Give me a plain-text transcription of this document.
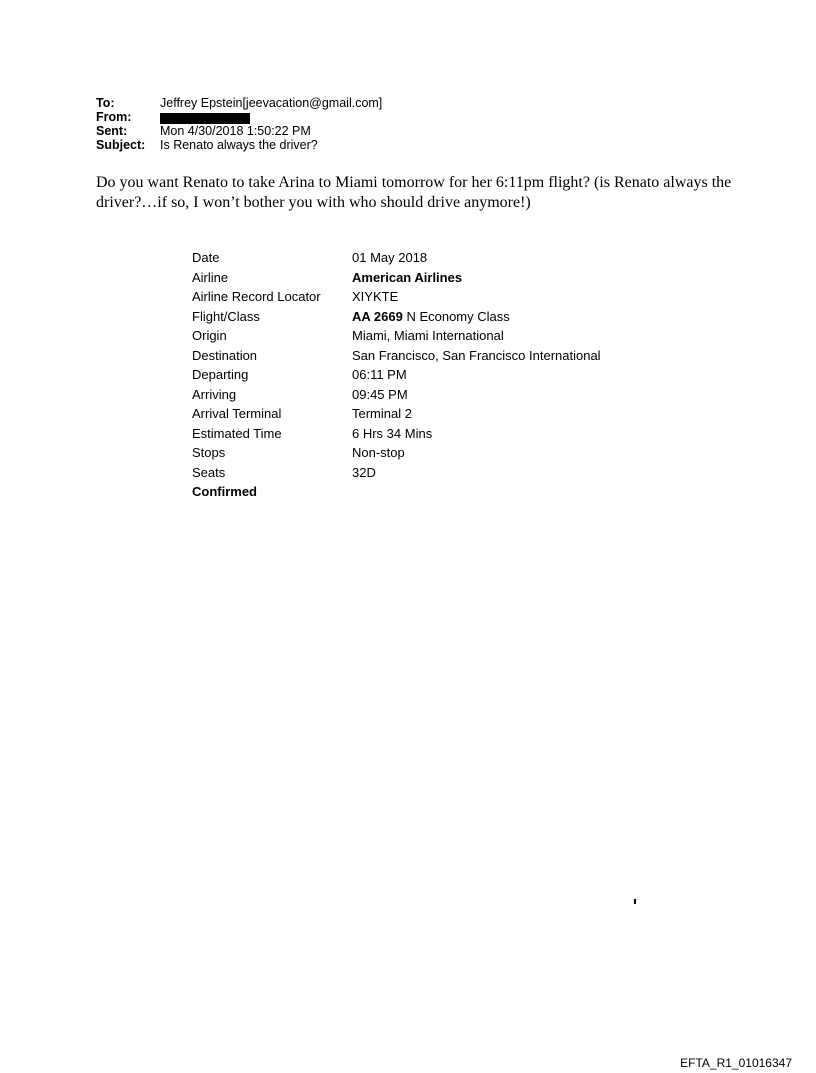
To:	Jeffrey Epstein[jeevacation@gmail.com]
From:
Sent:	Mon 4/30/2018 1:50:22 PM
Subject:	Is Renato always the driver?
Do you want Renato to take Arina to Miami tomorrow for her 6:11pm flight? (is Renato always the driver?…if so, I won’t bother you with who should drive anymore!)
Date	01 May 2018
Airline	American Airlines
Airline Record Locator	XIYKTE
Flight/Class	AA 2669 N Economy Class
Origin	Miami, Miami International
Destination	San Francisco, San Francisco International
Departing	06:11 PM
Arriving	09:45 PM
Arrival Terminal	Terminal 2
Estimated Time	6 Hrs 34 Mins
Stops	Non-stop
Seats	32D
Confirmed	
EFTA_R1_01016347
